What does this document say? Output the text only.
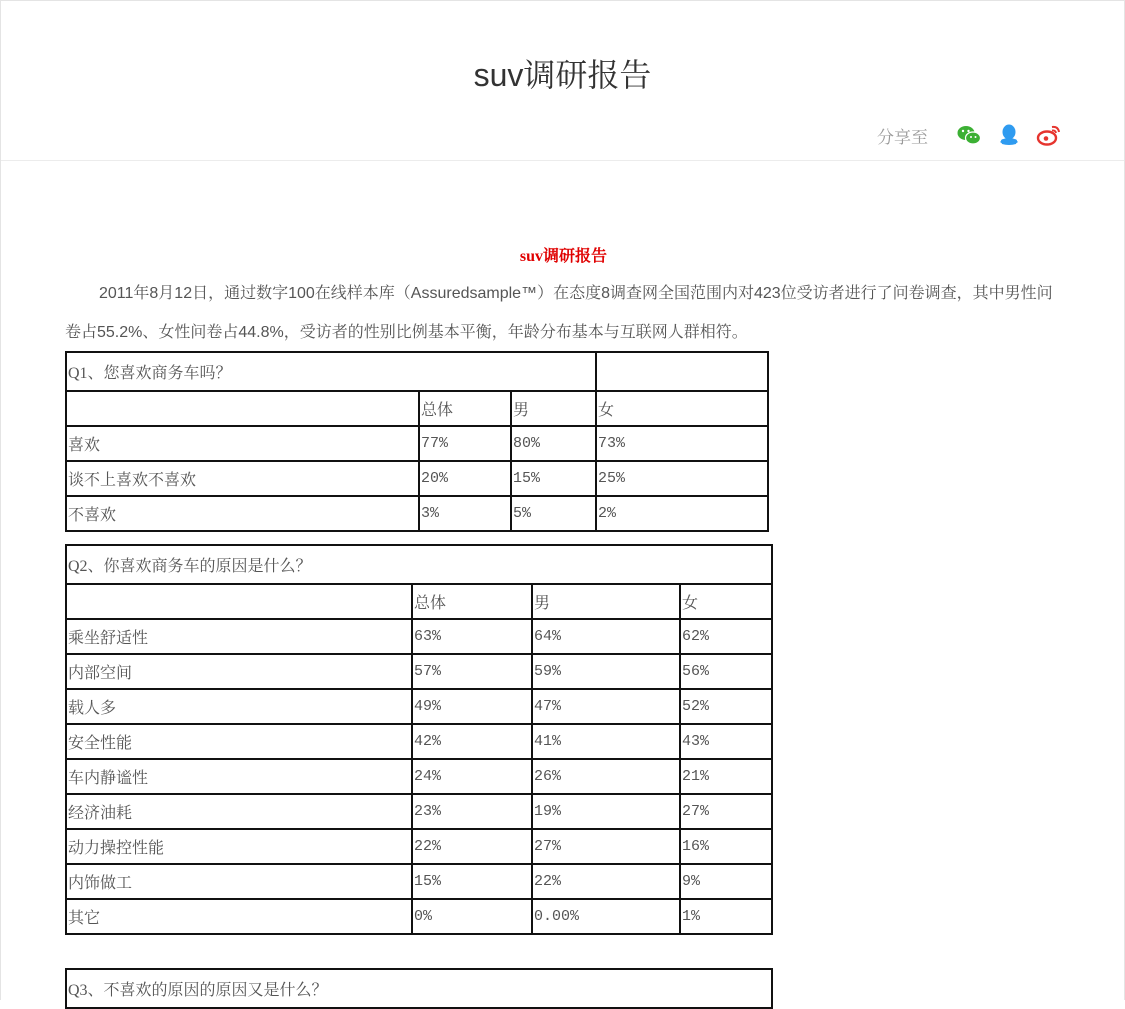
suv调研报告
分享至
suv调研报告
2011年8月12日，通过数字100在线样本库（Assuredsample™）在态度8调查网全国范围内对423位受访者进行了问卷调查，其中男性问卷占55.2%、女性问卷占44.8%，受访者的性别比例基本平衡，年龄分布基本与互联网人群相符。
Q1、您喜欢商务车吗？			
	总体	男	女
喜欢	77%	80%	73%
谈不上喜欢不喜欢	20%	15%	25%
不喜欢	3%	5%	2%
Q2、你喜欢商务车的原因是什么？			
	总体	男	女
乘坐舒适性	63%	64%	62%
内部空间	57%	59%	56%
载人多	49%	47%	52%
安全性能	42%	41%	43%
车内静谧性	24%	26%	21%
经济油耗	23%	19%	27%
动力操控性能	22%	27%	16%
内饰做工	15%	22%	9%
其它	0%	0.00%	1%
Q3、不喜欢的原因的原因又是什么？
